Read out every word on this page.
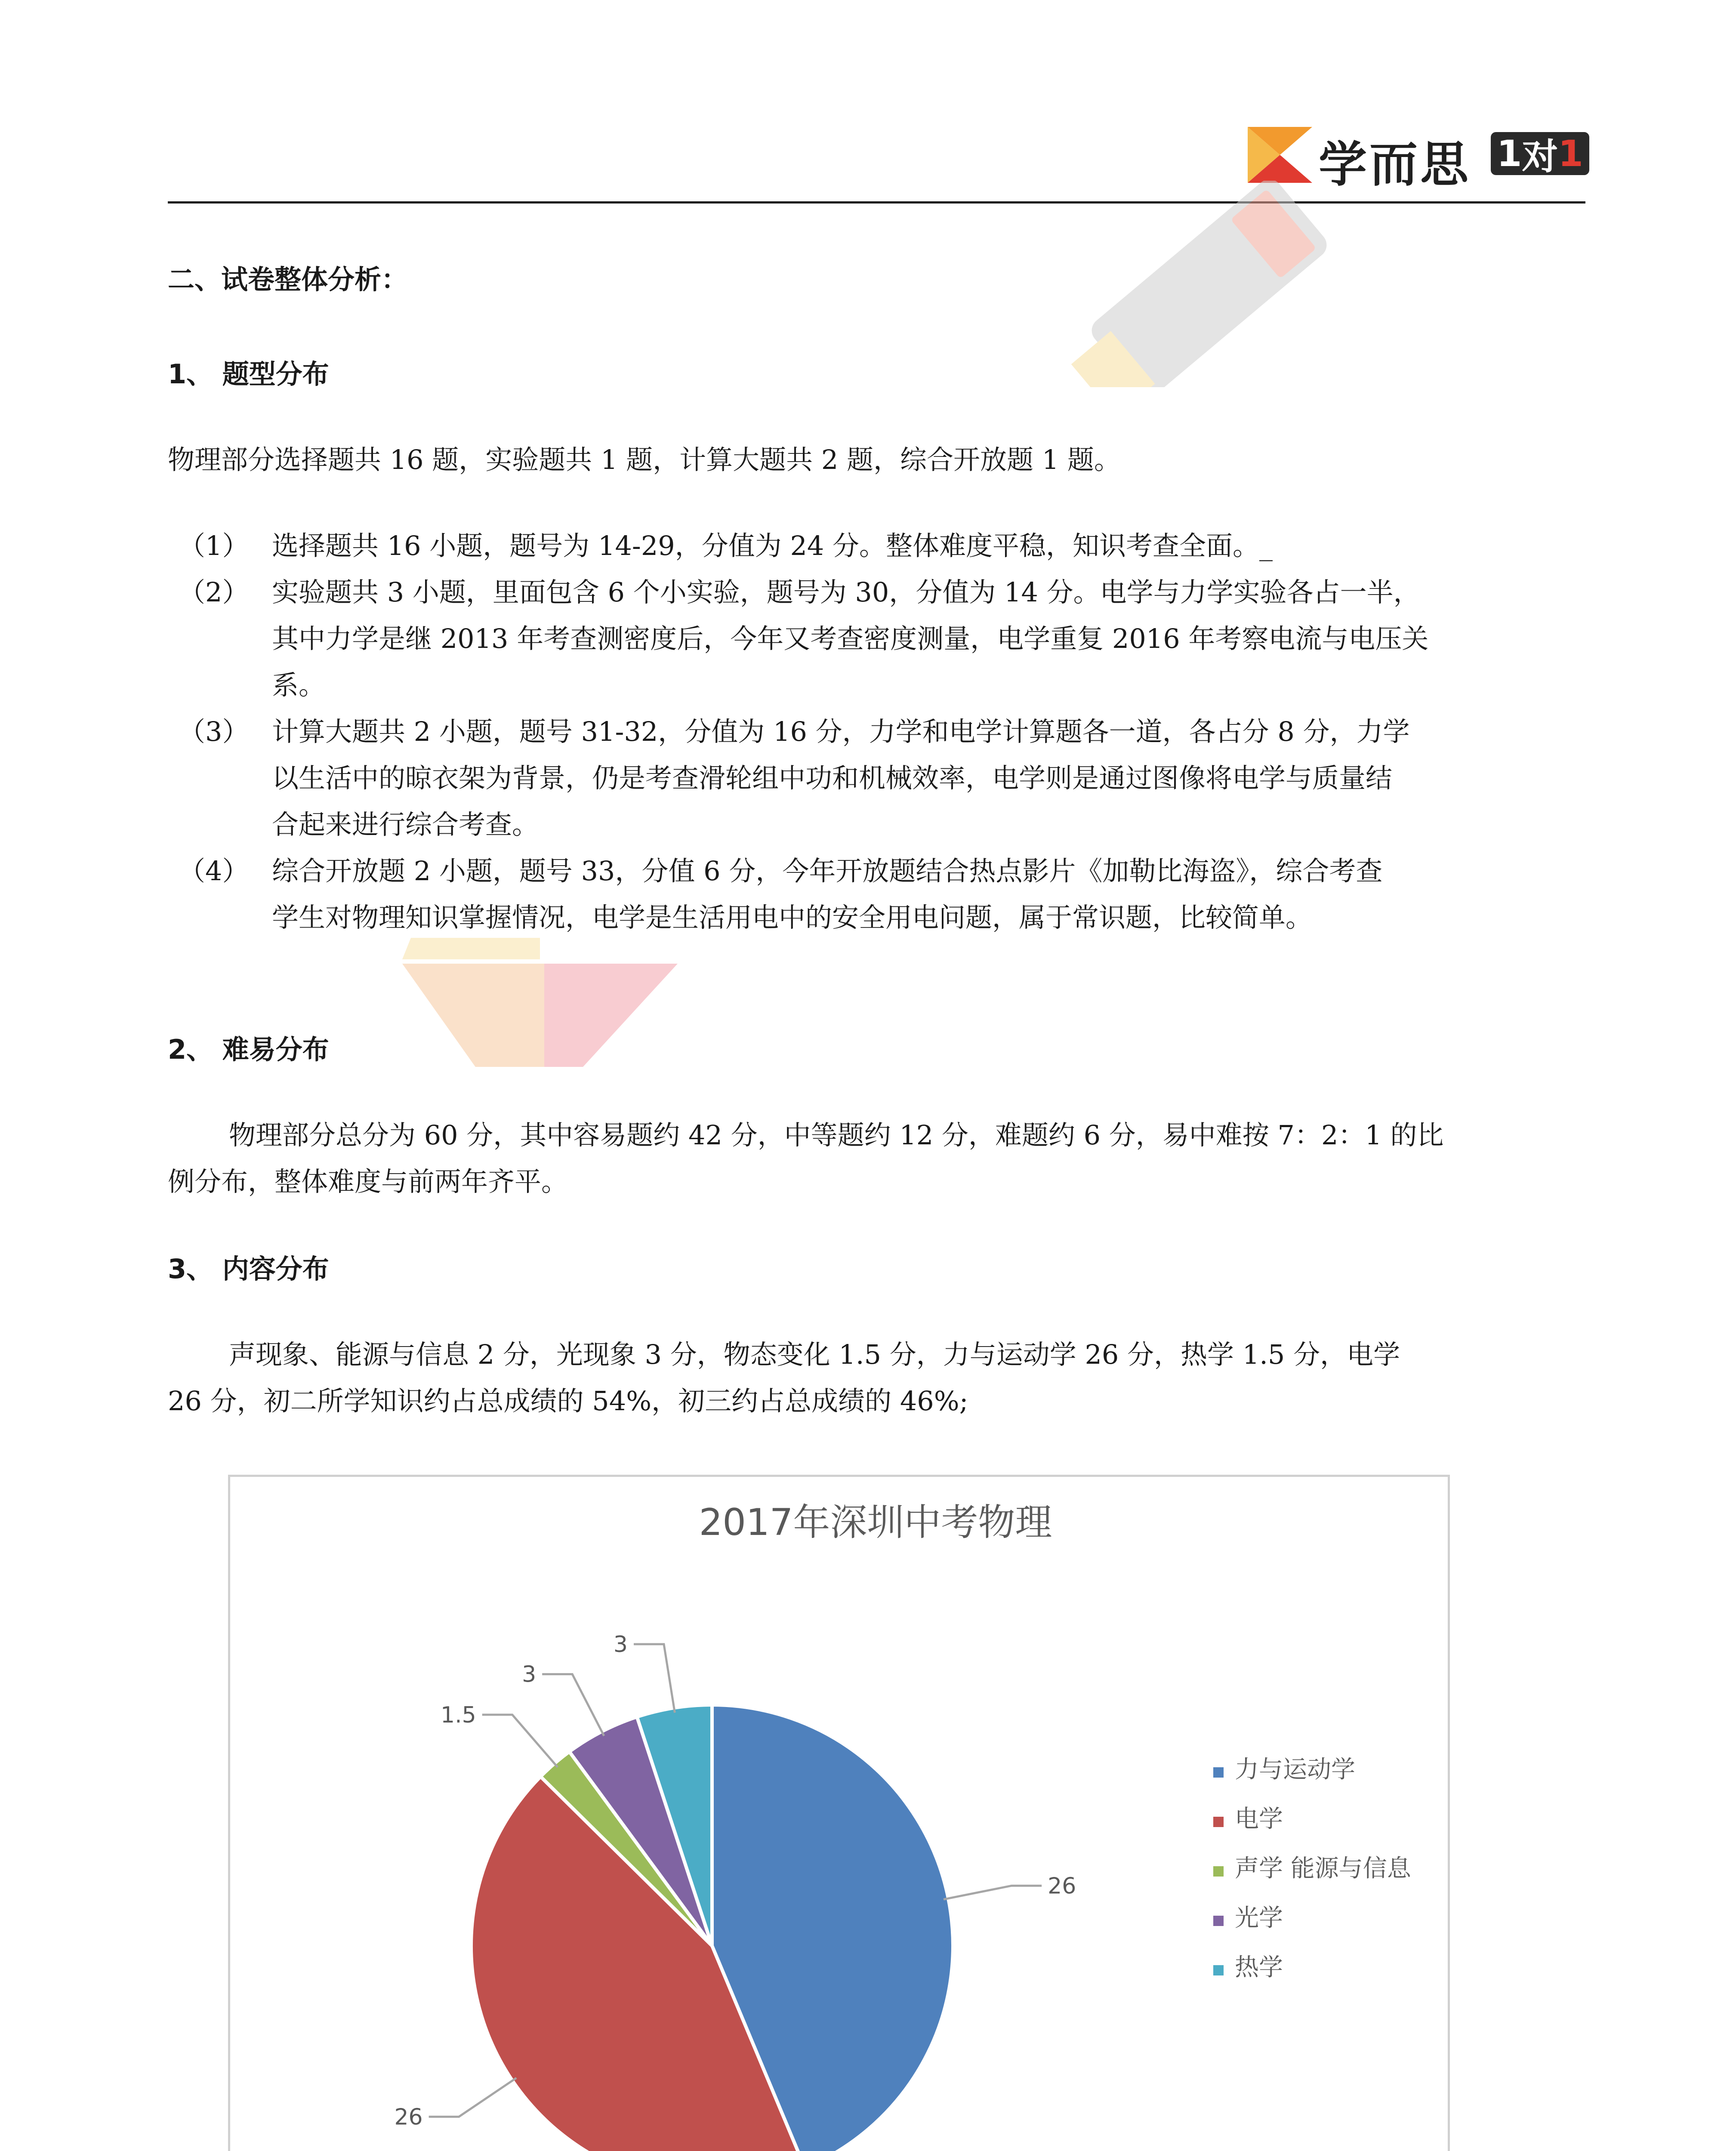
学而思 1 对 1
二、试卷整体分析：
1、 题型分布
物理部分选择题共 16 题，实验题共 1 题，计算大题共 2 题，综合开放题 1 题。
（1） 选择题共 16 小题，题号为 14-29，分值为 24 分。整体难度平稳，知识考查全面。_
（2） 实验题共 3 小题，里面包含 6 个小实验，题号为 30，分值为 14 分。电学与力学实验各占一半，
其中力学是继 2013 年考查测密度后，今年又考查密度测量，电学重复 2016 年考察电流与电压关
系。
（3） 计算大题共 2 小题，题号 31-32，分值为 16 分，力学和电学计算题各一道，各占分 8 分，力学
以生活中的晾衣架为背景，仍是考查滑轮组中功和机械效率，电学则是通过图像将电学与质量结
合起来进行综合考查。
（4） 综合开放题 2 小题，题号 33，分值 6 分，今年开放题结合热点影片《加勒比海盗》，综合考查
学生对物理知识掌握情况，电学是生活用电中的安全用电问题，属于常识题，比较简单。
2、 难易分布
物理部分总分为 60 分，其中容易题约 42 分，中等题约 12 分，难题约 6 分，易中难按 7：2：1 的比
例分布，整体难度与前两年齐平。
3、 内容分布
声现象、能源与信息 2 分，光现象 3 分，物态变化 1.5 分，力与运动学 26 分，热学 1.5 分，电学
26 分，初二所学知识约占总成绩的 54%，初三约占总成绩的 46%;
2017年深圳中考物理
26
26
1.5
3
3
力与运动学
电学
声学 能源与信息
光学
热学
